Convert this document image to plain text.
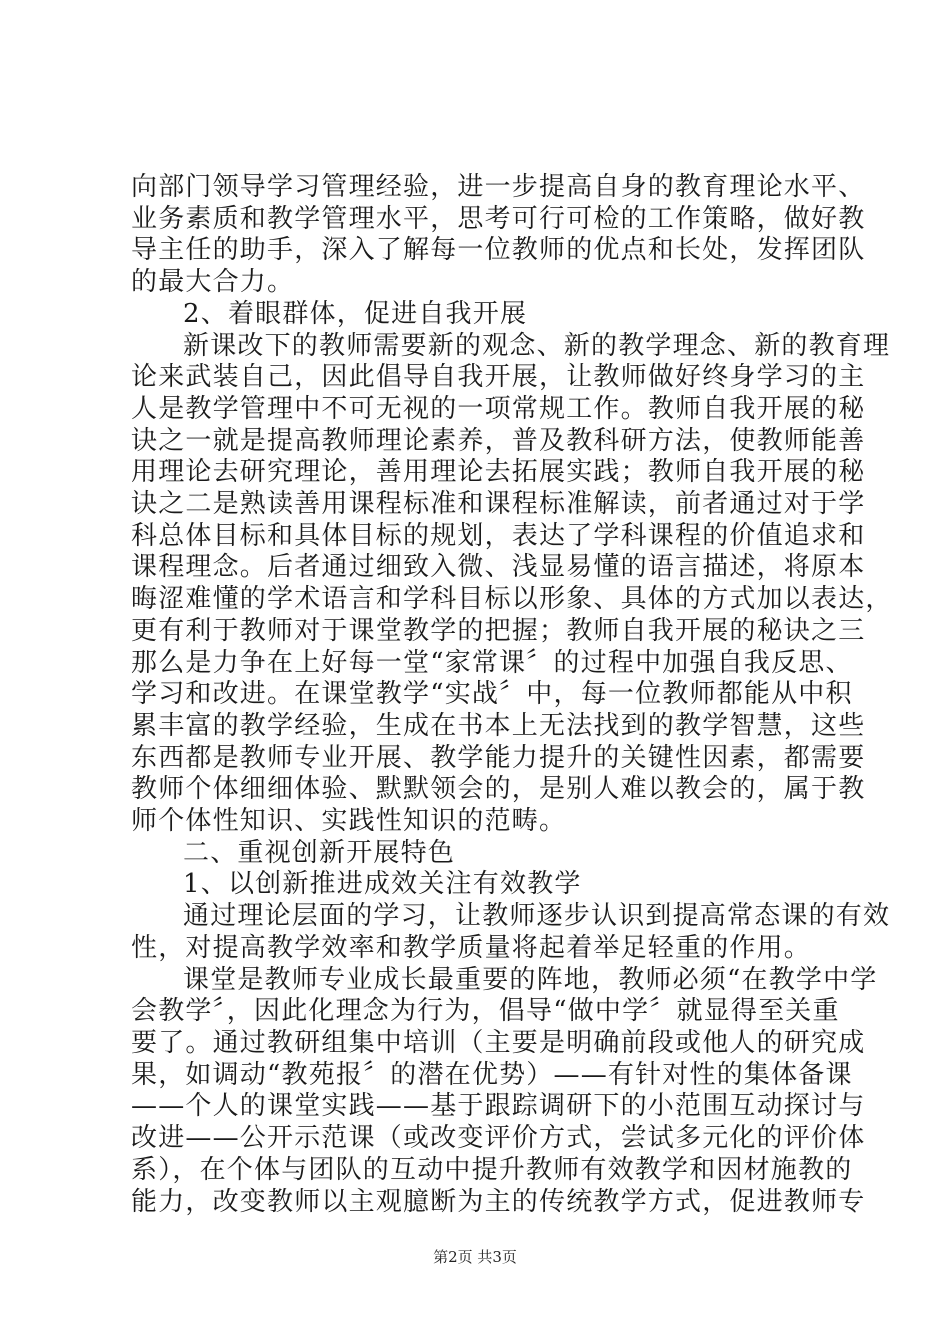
向部门领导学习管理经验，进一步提高自身的教育理论水平、
业务素质和教学管理水平，思考可行可检的工作策略，做好教
导主任的助手，深入了解每一位教师的优点和长处，发挥团队
的最大合力。
2、着眼群体，促进自我开展
新课改下的教师需要新的观念、新的教学理念、新的教育理
论来武装自己，因此倡导自我开展，让教师做好终身学习的主
人是教学管理中不可无视的一项常规工作。教师自我开展的秘
诀之一就是提高教师理论素养，普及教科研方法，使教师能善
用理论去研究理论，善用理论去拓展实践；教师自我开展的秘
诀之二是熟读善用课程标准和课程标准解读，前者通过对于学
科总体目标和具体目标的规划，表达了学科课程的价值追求和
课程理念。后者通过细致入微、浅显易懂的语言描述，将原本
晦涩难懂的学术语言和学科目标以形象、具体的方式加以表达，
更有利于教师对于课堂教学的把握；教师自我开展的秘诀之三
那么是力争在上好每一堂“家常课〞的过程中加强自我反思、
学习和改进。在课堂教学“实战〞中，每一位教师都能从中积
累丰富的教学经验，生成在书本上无法找到的教学智慧，这些
东西都是教师专业开展、教学能力提升的关键性因素，都需要
教师个体细细体验、默默领会的，是别人难以教会的，属于教
师个体性知识、实践性知识的范畴。
二、重视创新开展特色
1、以创新推进成效关注有效教学
通过理论层面的学习，让教师逐步认识到提高常态课的有效
性，对提高教学效率和教学质量将起着举足轻重的作用。
课堂是教师专业成长最重要的阵地，教师必须“在教学中学
会教学〞，因此化理念为行为，倡导“做中学〞就显得至关重
要了。通过教研组集中培训（主要是明确前段或他人的研究成
果，如调动“教苑报〞的潜在优势）——有针对性的集体备课
——个人的课堂实践——基于跟踪调研下的小范围互动探讨与
改进——公开示范课（或改变评价方式，尝试多元化的评价体
系），在个体与团队的互动中提升教师有效教学和因材施教的
能力，改变教师以主观臆断为主的传统教学方式，促进教师专
第2页 共3页
